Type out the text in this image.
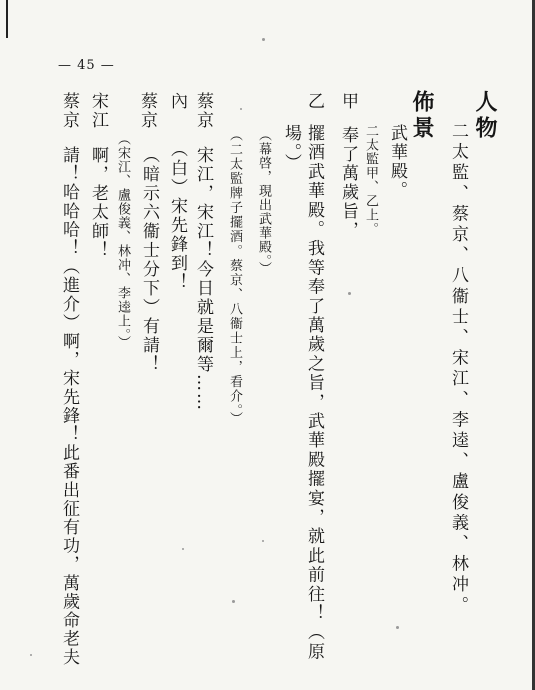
— 45 —
人物
二太監、蔡京、八衞士、宋江、李逵、盧俊義、林冲。
佈景
武華殿。
二太監甲、乙上。
甲
奉了萬歲旨，
乙
擺酒武華殿。我等奉了萬歲之旨，武華殿擺宴，就此前往！（原
場。）
（幕啓，現出武華殿。）
（二太監牌子擺酒。蔡京、八衞士上，看介。）
蔡京
宋江，宋江！今日就是爾等……
內
（白）宋先鋒到！
蔡京
（暗示六衞士分下）有請！
（宋江、盧俊義、林冲、李逵上。）
宋江
啊，老太師！
蔡京
請！哈哈哈！（進介）啊，宋先鋒！此番出征有功，萬歲命老夫
